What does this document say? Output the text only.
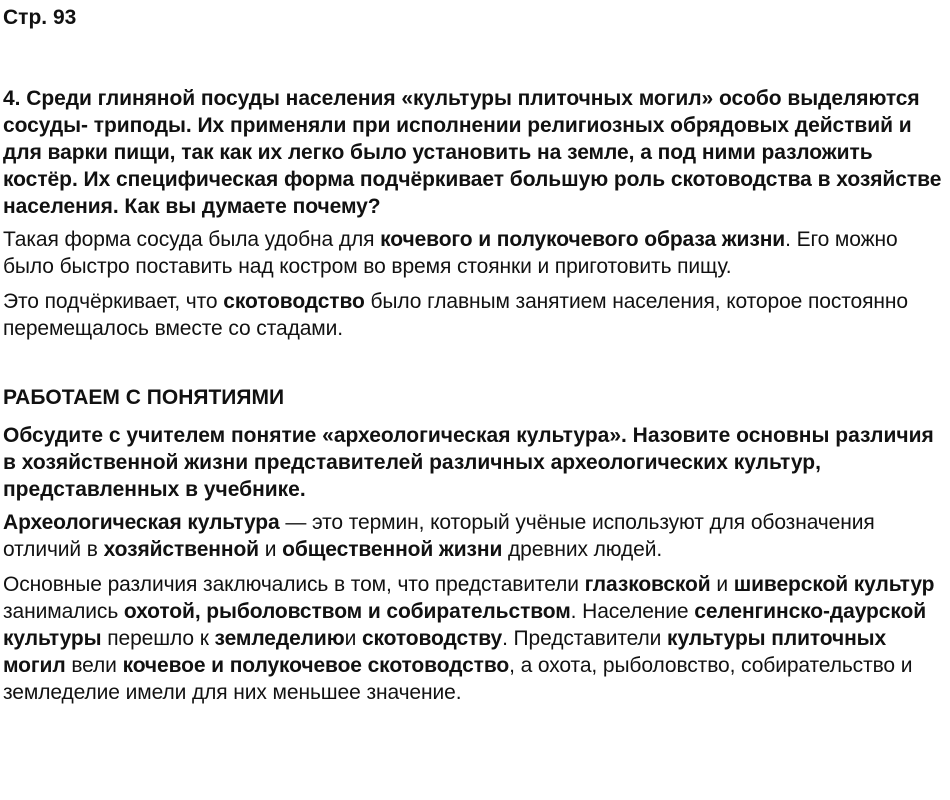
Стр. 93

4. Среди глиняной посуды населения «культуры плиточных могил» особо выделяются сосуды- триподы. Их применяли при исполнении религиозных обрядовых действий и для варки пищи, так как их легко было установить на земле, а под ними разложить костёр. Их специфическая форма подчёркивает большую роль скотоводства в хозяйстве населения. Как вы думаете почему?

Такая форма сосуда была удобна для кочевого и полукочевого образа жизни. Его можно было быстро поставить над костром во время стоянки и приготовить пищу.

Это подчёркивает, что скотоводство было главным занятием населения, которое постоянно перемещалось вместе со стадами.

РАБОТАЕМ С ПОНЯТИЯМИ

Обсудите с учителем понятие «археологическая культура». Назовите основны различия в хозяйственной жизни представителей различных археологических культур, представленных в учебнике.

Археологическая культура — это термин, который учёные используют для обозначения отличий в хозяйственной и общественной жизни древних людей.

Основные различия заключались в том, что представители глазковской и шиверской культур занимались охотой, рыболовством и собирательством. Население селенгинско-даурской культуры перешло к земледелиюи скотоводству. Представители культуры плиточных могил вели кочевое и полукочевое скотоводство, а охота, рыболовство, собирательство и земледелие имели для них меньшее значение.
